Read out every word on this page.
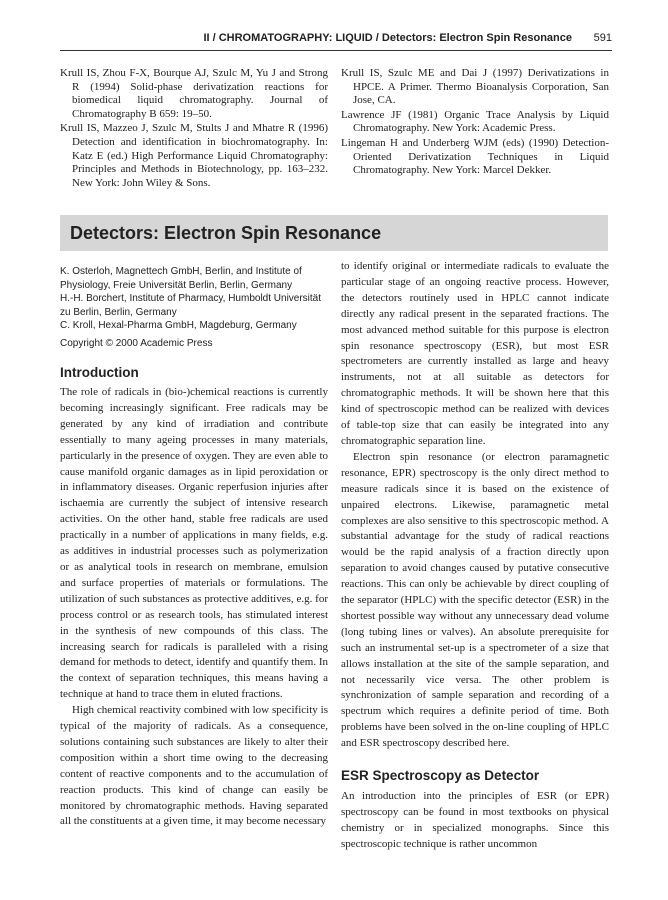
II / CHROMATOGRAPHY: LIQUID / Detectors: Electron Spin Resonance 591

Krull IS, Zhou F-X, Bourque AJ, Szulc M, Yu J and Strong R (1994) Solid-phase derivatization reactions for biomedical liquid chromatography. Journal of Chromatography B 659: 19–50.

Krull IS, Mazzeo J, Szulc M, Stults J and Mhatre R (1996) Detection and identification in biochromatography. In: Katz E (ed.) High Performance Liquid Chromatography: Principles and Methods in Biotechnology, pp. 163–232. New York: John Wiley & Sons.

Krull IS, Szulc ME and Dai J (1997) Derivatizations in HPCE. A Primer. Thermo Bioanalysis Corporation, San Jose, CA.

Lawrence JF (1981) Organic Trace Analysis by Liquid Chromatography. New York: Academic Press.

Lingeman H and Underberg WJM (eds) (1990) Detection-Oriented Derivatization Techniques in Liquid Chromatography. New York: Marcel Dekker.

Detectors: Electron Spin Resonance

K. Osterloh, Magnettech GmbH, Berlin, and Institute of Physiology, Freie Universität Berlin, Berlin, Germany

H.-H. Borchert, Institute of Pharmacy, Humboldt Universität zu Berlin, Berlin, Germany

C. Kroll, Hexal-Pharma GmbH, Magdeburg, Germany

Copyright © 2000 Academic Press

Introduction

The role of radicals in (bio-)chemical reactions is currently becoming increasingly significant. Free radicals may be generated by any kind of irradiation and contribute essentially to many ageing processes in many materials, particularly in the presence of oxygen. They are even able to cause manifold organic damages as in lipid peroxidation or in inflammatory diseases. Organic reperfusion injuries after ischaemia are currently the subject of intensive research activities. On the other hand, stable free radicals are used practically in a number of applications in many fields, e.g. as additives in industrial processes such as polymerization or as analytical tools in research on membrane, emulsion and surface properties of materials or formulations. The utilization of such substances as protective additives, e.g. for process control or as research tools, has stimulated interest in the synthesis of new compounds of this class. The increasing search for radicals is paralleled with a rising demand for methods to detect, identify and quantify them. In the context of separation techniques, this means having a technique at hand to trace them in eluted fractions.

High chemical reactivity combined with low specificity is typical of the majority of radicals. As a consequence, solutions containing such substances are likely to alter their composition within a short time owing to the decreasing content of reactive components and to the accumulation of reaction products. This kind of change can easily be monitored by chromatographic methods. Having separated all the constituents at a given time, it may become necessary

to identify original or intermediate radicals to evaluate the particular stage of an ongoing reactive process. However, the detectors routinely used in HPLC cannot indicate directly any radical present in the separated fractions. The most advanced method suitable for this purpose is electron spin resonance spectroscopy (ESR), but most ESR spectrometers are currently installed as large and heavy instruments, not at all suitable as detectors for chromatographic methods. It will be shown here that this kind of spectroscopic method can be realized with devices of table-top size that can easily be integrated into any chromatographic separation line.

Electron spin resonance (or electron paramagnetic resonance, EPR) spectroscopy is the only direct method to measure radicals since it is based on the existence of unpaired electrons. Likewise, paramagnetic metal complexes are also sensitive to this spectroscopic method. A substantial advantage for the study of radical reactions would be the rapid analysis of a fraction directly upon separation to avoid changes caused by putative consecutive reactions. This can only be achievable by direct coupling of the separator (HPLC) with the specific detector (ESR) in the shortest possible way without any unnecessary dead volume (long tubing lines or valves). An absolute prerequisite for such an instrumental set-up is a spectrometer of a size that allows installation at the site of the sample separation, and not necessarily vice versa. The other problem is synchronization of sample separation and recording of a spectrum which requires a definite period of time. Both problems have been solved in the on-line coupling of HPLC and ESR spectroscopy described here.

ESR Spectroscopy as Detector

An introduction into the principles of ESR (or EPR) spectroscopy can be found in most textbooks on physical chemistry or in specialized monographs. Since this spectroscopic technique is rather uncommon
